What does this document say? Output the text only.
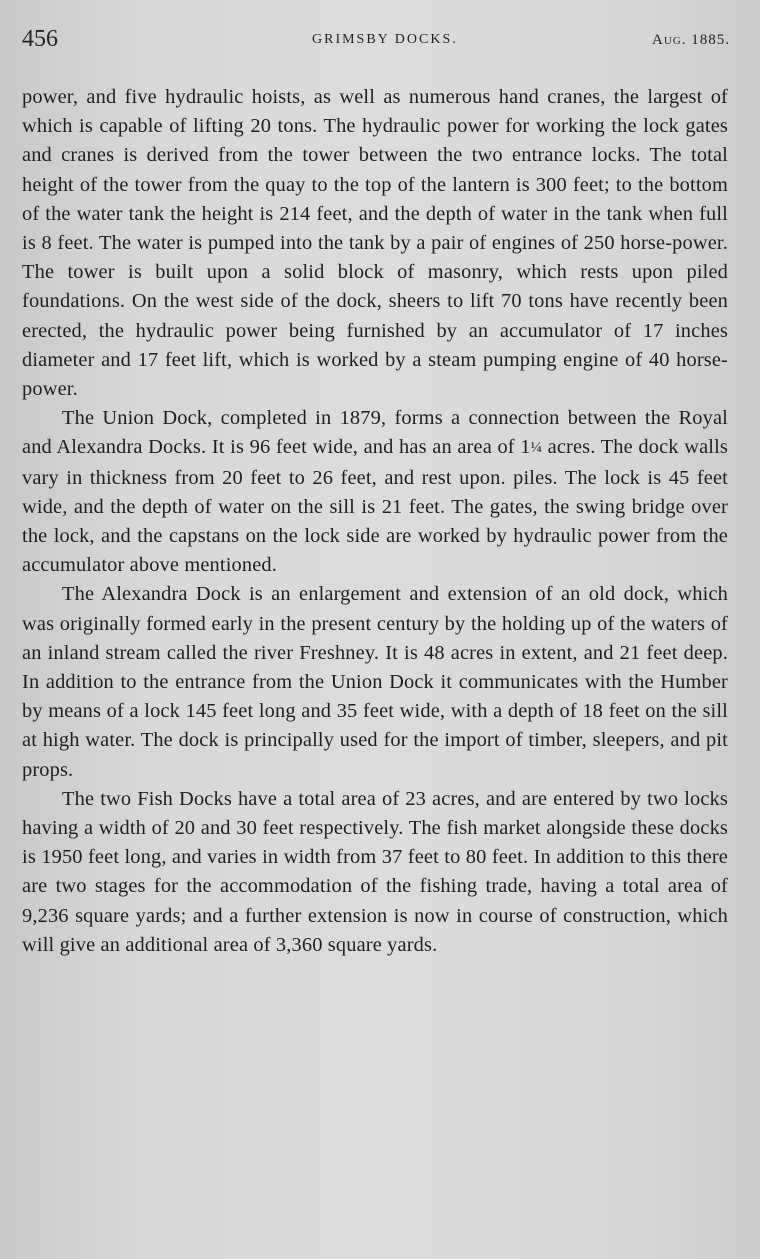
456	GRIMSBY DOCKS.	Aug. 1885.

power, and five hydraulic hoists, as well as numerous hand cranes, the largest of which is capable of lifting 20 tons. The hydraulic power for working the lock gates and cranes is derived from the tower between the two entrance locks. The total height of the tower from the quay to the top of the lantern is 300 feet; to the bottom of the water tank the height is 214 feet, and the depth of water in the tank when full is 8 feet. The water is pumped into the tank by a pair of engines of 250 horse-power. The tower is built upon a solid block of masonry, which rests upon piled foundations. On the west side of the dock, sheers to lift 70 tons have recently been erected, the hydraulic power being furnished by an accumulator of 17 inches diameter and 17 feet lift, which is worked by a steam pumping engine of 40 horse-power.

The Union Dock, completed in 1879, forms a connection between the Royal and Alexandra Docks. It is 96 feet wide, and has an area of 1¼ acres. The dock walls vary in thickness from 20 feet to 26 feet, and rest upon. piles. The lock is 45 feet wide, and the depth of water on the sill is 21 feet. The gates, the swing bridge over the lock, and the capstans on the lock side are worked by hydraulic power from the accumulator above mentioned.

The Alexandra Dock is an enlargement and extension of an old dock, which was originally formed early in the present century by the holding up of the waters of an inland stream called the river Freshney. It is 48 acres in extent, and 21 feet deep. In addition to the entrance from the Union Dock it communicates with the Humber by means of a lock 145 feet long and 35 feet wide, with a depth of 18 feet on the sill at high water. The dock is principally used for the import of timber, sleepers, and pit props.

The two Fish Docks have a total area of 23 acres, and are entered by two locks having a width of 20 and 30 feet respectively. The fish market alongside these docks is 1950 feet long, and varies in width from 37 feet to 80 feet. In addition to this there are two stages for the accommodation of the fishing trade, having a total area of 9,236 square yards; and a further extension is now in course of construction, which will give an additional area of 3,360 square yards.
